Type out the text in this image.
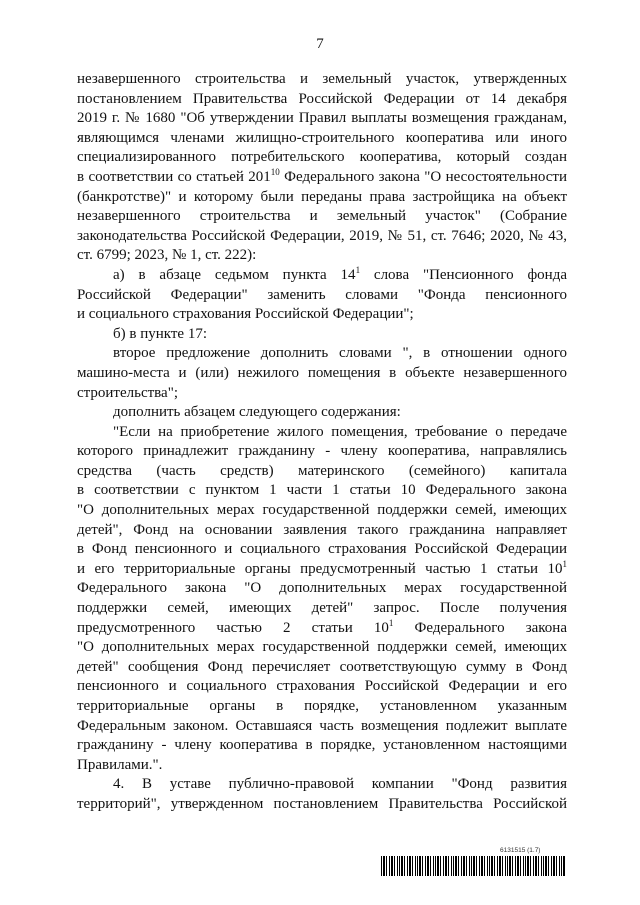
7
незавершенного строительства и земельный участок, утвержденных
постановлением Правительства Российской Федерации от 14 декабря
2019 г. № 1680 "Об утверждении Правил выплаты возмещения гражданам,
являющимся членами жилищно-строительного кооператива или иного
специализированного потребительского кооператива, который создан
в соответствии со статьей $201^{10}$ Федерального закона "О несостоятельности
(банкротстве)" и которому были переданы права застройщика на объект
незавершенного строительства и земельный участок" (Собрание
законодательства Российской Федерации, 2019, № 51, ст. 7646; 2020, № 43,
ст. 6799; 2023, № 1, ст. 222):
а) в абзаце седьмом пункта $14^1$ слова "Пенсионного фонда
Российской Федерации" заменить словами "Фонда пенсионного
и социального страхования Российской Федерации";
б) в пункте 17:
второе предложение дополнить словами ", в отношении одного
машино-места и (или) нежилого помещения в объекте незавершенного
строительства";
дополнить абзацем следующего содержания:
"Если на приобретение жилого помещения, требование о передаче
которого принадлежит гражданину - члену кооператива, направлялись
средства (часть средств) материнского (семейного) капитала
в соответствии с пунктом 1 части 1 статьи 10 Федерального закона
"О дополнительных мерах государственной поддержки семей, имеющих
детей", Фонд на основании заявления такого гражданина направляет
в Фонд пенсионного и социального страхования Российской Федерации
и его территориальные органы предусмотренный частью 1 статьи $10^1$
Федерального закона "О дополнительных мерах государственной
поддержки семей, имеющих детей" запрос. После получения
предусмотренного частью 2 статьи $10^1$ Федерального закона
"О дополнительных мерах государственной поддержки семей, имеющих
детей" сообщения Фонд перечисляет соответствующую сумму в Фонд
пенсионного и социального страхования Российской Федерации и его
территориальные органы в порядке, установленном указанным
Федеральным законом. Оставшаяся часть возмещения подлежит выплате
гражданину - члену кооператива в порядке, установленном настоящими
Правилами.".
4. В уставе публично-правовой компании "Фонд развития
территорий", утвержденном постановлением Правительства Российской
6131515 (1.7)
